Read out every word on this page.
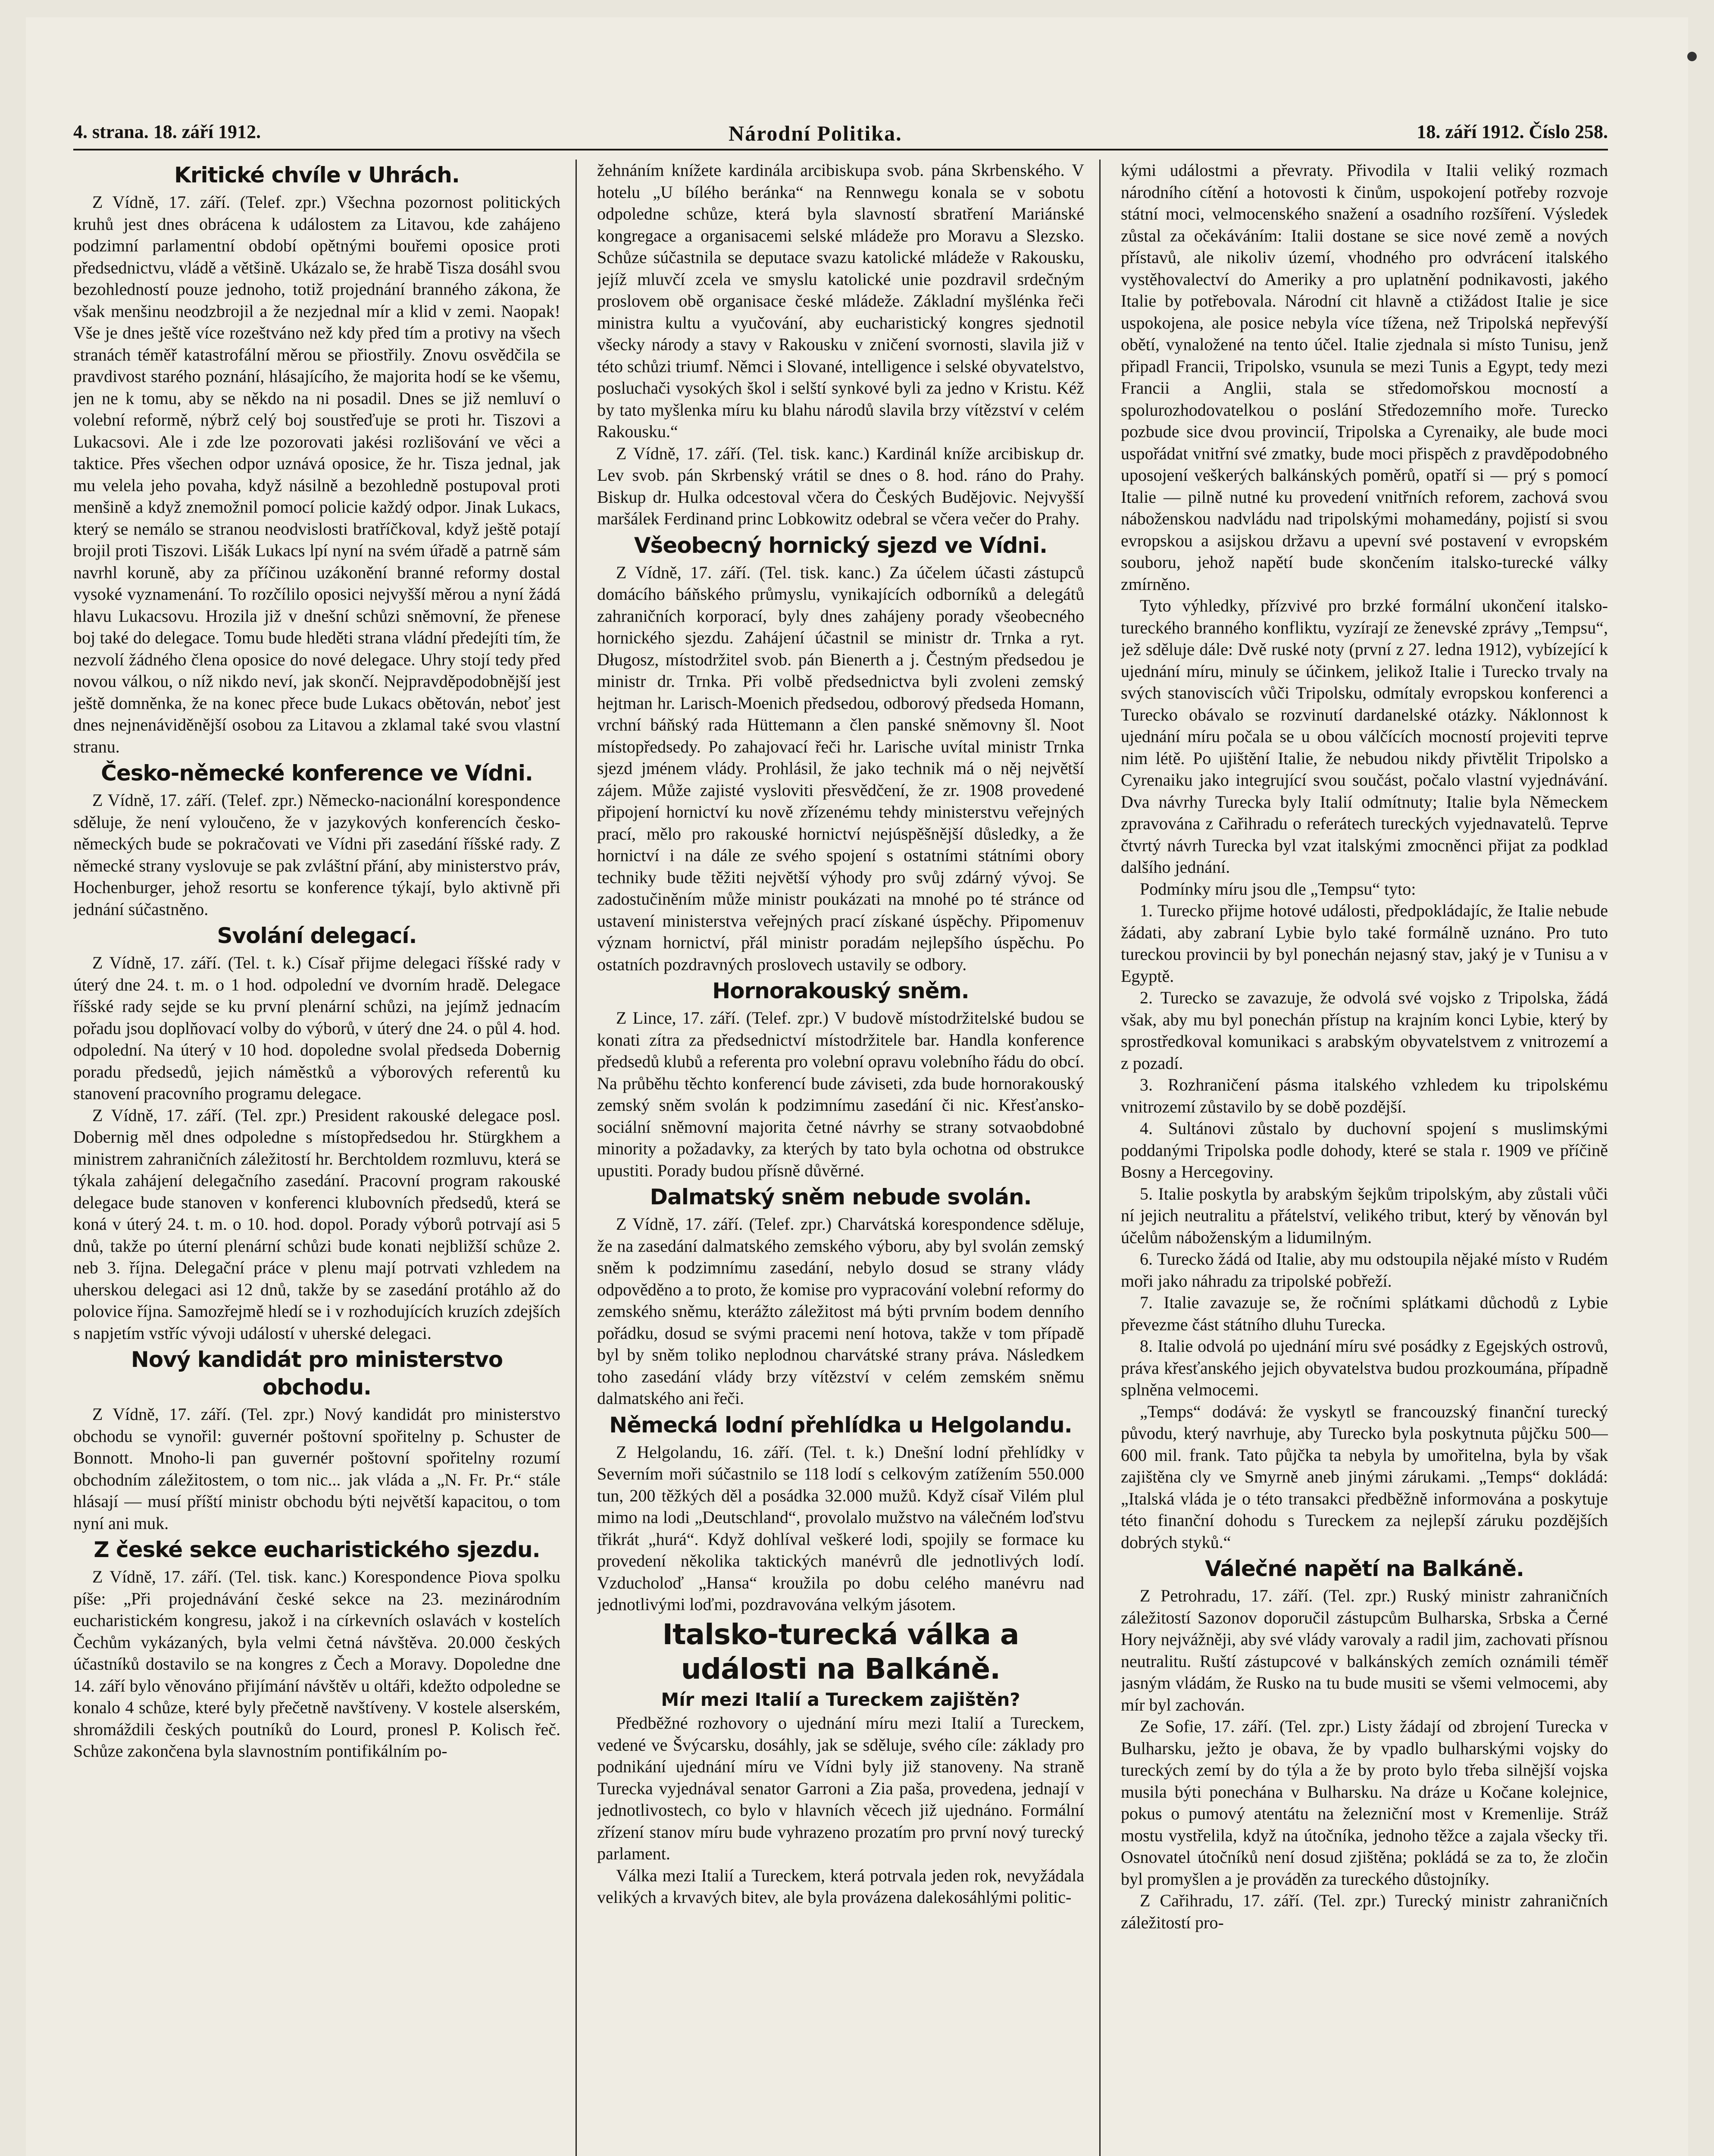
4. strana. 18. září 1912.	Národní Politika.	18. září 1912. Číslo 258.
Kritické chvíle v Uhrách.

Z Vídně, 17. září. (Telef. zpr.) Všechna pozornost politických kruhů jest dnes obrácena k událostem za Litavou, kde zahájeno podzimní parlamentní období opětnými bouřemi oposice proti předsednictvu, vládě a většině. Ukázalo se, že hrabě Tisza dosáhl svou bezohledností pouze jednoho, totiž projednání branného zákona, že však menšinu neodzbrojil a že nezjednal mír a klid v zemi. Naopak! Vše je dnes ještě více rozeštváno než kdy před tím a protivy na všech stranách téměř katastrofální měrou se přiostřily. Znovu osvědčila se pravdivost starého poznání, hlásajícího, že majorita hodí se ke všemu, jen ne k tomu, aby se někdo na ni posadil. Dnes se již nemluví o volební reformě, nýbrž celý boj soustřeďuje se proti hr. Tiszovi a Lukacsovi. Ale i zde lze pozorovati jakési rozlišování ve věci a taktice. Přes všechen odpor uznává oposice, že hr. Tisza jednal, jak mu velela jeho povaha, když násilně a bezohledně postupoval proti menšině a když znemožnil pomocí policie každý odpor. Jinak Lukacs, který se nemálo se stranou neodvislosti bratříčkoval, když ještě potají brojil proti Tiszovi. Lišák Lukacs lpí nyní na svém úřadě a patrně sám navrhl koruně, aby za příčinou uzákonění branné reformy dostal vysoké vyznamenání. To rozčílilo oposici nejvyšší měrou a nyní žádá hlavu Lukacsovu. Hrozila již v dnešní schůzi sněmovní, že přenese boj také do delegace. Tomu bude hleděti strana vládní předejíti tím, že nezvolí žádného člena oposice do nové delegace. Uhry stojí tedy před novou válkou, o níž nikdo neví, jak skončí. Nejpravděpodobnější jest ještě domněnka, že na konec přece bude Lukacs obětován, neboť jest dnes nejnenáviděnější osobou za Litavou a zklamal také svou vlastní stranu.

Česko-německé konference ve Vídni.

Z Vídně, 17. září. (Telef. zpr.) Německo-nacionální korespondence sděluje, že není vyloučeno, že v jazykových konferencích česko-německých bude se pokračovati ve Vídni při zasedání říšské rady. Z německé strany vyslovuje se pak zvláštní přání, aby ministerstvo práv, Hochenburger, jehož resortu se konference týkají, bylo aktivně při jednání súčastněno.

Svolání delegací.

Z Vídně, 17. září. (Tel. t. k.) Císař přijme delegaci říšské rady v úterý dne 24. t. m. o 1 hod. odpolední ve dvorním hradě. Delegace říšské rady sejde se ku první plenární schůzi, na jejímž jednacím pořadu jsou doplňovací volby do výborů, v úterý dne 24. o půl 4. hod. odpolední. Na úterý v 10 hod. dopoledne svolal předseda Dobernig poradu předsedů, jejich náměstků a výborových referentů ku stanovení pracovního programu delegace.

Z Vídně, 17. září. (Tel. zpr.) President rakouské delegace posl. Dobernig měl dnes odpoledne s místopředsedou hr. Stürgkhem a ministrem zahraničních záležitostí hr. Berchtoldem rozmluvu, která se týkala zahájení delegačního zasedání. Pracovní program rakouské delegace bude stanoven v konferenci klubovních předsedů, která se koná v úterý 24. t. m. o 10. hod. dopol. Porady výborů potrvají asi 5 dnů, takže po úterní plenární schůzi bude konati nejbližší schůze 2. neb 3. října. Delegační práce v plenu mají potrvati vzhledem na uherskou delegaci asi 12 dnů, takže by se zasedání protáhlo až do polovice října. Samozřejmě hledí se i v rozhodujících kruzích zdejších s napjetím vstříc vývoji událostí v uherské delegaci.

Nový kandidát pro ministerstvo obchodu.

Z Vídně, 17. září. (Tel. zpr.) Nový kandidát pro ministerstvo obchodu se vynořil: guvernér poštovní spořitelny p. Schuster de Bonnott. Mnoho-li pan guvernér poštovní spořitelny rozumí obchodním záležitostem, o tom nic... jak vláda a „N. Fr. Pr.“ stále hlásají — musí příští ministr obchodu býti největší kapacitou, o tom nyní ani muk.

Z české sekce eucharistického sjezdu.

Z Vídně, 17. září. (Tel. tisk. kanc.) Korespondence Piova spolku píše: „Při projednávání české sekce na 23. mezinárodním eucharistickém kongresu, jakož i na církevních oslavách v kostelích Čechům vykázaných, byla velmi četná návštěva. 20.000 českých účastníků dostavilo se na kongres z Čech a Moravy. Dopoledne dne 14. září bylo věnováno přijímání návštěv u oltáři, kdežto odpoledne se konalo 4 schůze, které byly přečetně navštíveny. V kostele alserském, shromáždili českých poutníků do Lourd, pronesl P. Kolisch řeč. Schůze zakončena byla slavnostním pontifikálním po-

žehnáním knížete kardinála arcibiskupa svob. pána Skrbenského. V hotelu „U bílého beránka“ na Rennwegu konala se v sobotu odpoledne schůze, která byla slavností sbratření Mariánské kongregace a organisacemi selské mládeže pro Moravu a Slezsko. Schůze súčastnila se deputace svazu katolické mládeže v Rakousku, jejíž mluvčí zcela ve smyslu katolické unie pozdravil srdečným proslovem obě organisace české mládeže. Základní myšlénka řeči ministra kultu a vyučování, aby eucharistický kongres sjednotil všecky národy a stavy v Rakousku v zničení svornosti, slavila již v této schůzi triumf. Němci i Slované, intelligence i selské obyvatelstvo, posluchači vysokých škol i selští synkové byli za jedno v Kristu. Kéž by tato myšlenka míru ku blahu národů slavila brzy vítězství v celém Rakousku.“

Z Vídně, 17. září. (Tel. tisk. kanc.) Kardinál kníže arcibiskup dr. Lev svob. pán Skrbenský vrátil se dnes o 8. hod. ráno do Prahy. Biskup dr. Hulka odcestoval včera do Českých Budějovic. Nejvyšší maršálek Ferdinand princ Lobkowitz odebral se včera večer do Prahy.

Všeobecný hornický sjezd ve Vídni.

Z Vídně, 17. září. (Tel. tisk. kanc.) Za účelem účasti zástupců domácího báňského průmyslu, vynikajících odborníků a delegátů zahraničních korporací, byly dnes zahájeny porady všeobecného hornického sjezdu. Zahájení účastnil se ministr dr. Trnka a ryt. Długosz, místodržitel svob. pán Bienerth a j. Čestným předsedou je ministr dr. Trnka. Při volbě předsednictva byli zvoleni zemský hejtman hr. Larisch-Moenich předsedou, odborový předseda Homann, vrchní báňský rada Hüttemann a člen panské sněmovny šl. Noot místopředsedy. Po zahajovací řeči hr. Larische uvítal ministr Trnka sjezd jménem vlády. Prohlásil, že jako technik má o něj největší zájem. Může zajisté vysloviti přesvědčení, že zr. 1908 provedené připojení hornictví ku nově zřízenému tehdy ministerstvu veřejných prací, mělo pro rakouské hornictví nejúspěšnější důsledky, a že hornictví i na dále ze svého spojení s ostatními státními obory techniky bude těžiti největší výhody pro svůj zdárný vývoj. Se zadostučiněním může ministr poukázati na mnohé po té stránce od ustavení ministerstva veřejných prací získané úspěchy. Připomenuv význam hornictví, přál ministr poradám nejlepšího úspěchu. Po ostatních pozdravných proslovech ustavily se odbory.

Hornorakouský sněm.

Z Lince, 17. září. (Telef. zpr.) V budově místodržitelské budou se konati zítra za předsednictví místodržitele bar. Handla konference předsedů klubů a referenta pro volební opravu volebního řádu do obcí. Na průběhu těchto konferencí bude záviseti, zda bude hornorakouský zemský sněm svolán k podzimnímu zasedání či nic. Křesťansko-sociální sněmovní majorita četné návrhy se strany sotvaobdobné minority a požadavky, za kterých by tato byla ochotna od obstrukce upustiti. Porady budou přísně důvěrné.

Dalmatský sněm nebude svolán.

Z Vídně, 17. září. (Telef. zpr.) Charvátská korespondence sděluje, že na zasedání dalmatského zemského výboru, aby byl svolán zemský sněm k podzimnímu zasedání, nebylo dosud se strany vlády odpověděno a to proto, že komise pro vypracování volební reformy do zemského sněmu, kterážto záležitost má býti prvním bodem denního pořádku, dosud se svými pracemi není hotova, takže v tom případě byl by sněm toliko neplodnou charvátské strany práva. Následkem toho zasedání vlády brzy vítězství v celém zemském sněmu dalmatského ani řeči.

Německá lodní přehlídka u Helgolandu.

Z Helgolandu, 16. září. (Tel. t. k.) Dnešní lodní přehlídky v Severním moři súčastnilo se 118 lodí s celkovým zatížením 550.000 tun, 200 těžkých děl a posádka 32.000 mužů. Když císař Vilém plul mimo na lodi „Deutschland“, provolalo mužstvo na válečném loďstvu třikrát „hurá“. Když dohlíval veškeré lodi, spojily se formace ku provedení několika taktických manévrů dle jednotlivých lodí. Vzducholoď „Hansa“ kroužila po dobu celého manévru nad jednotlivými loďmi, pozdravována velkým jásotem.

Italsko-turecká válka a události na Balkáně.
Mír mezi Italií a Tureckem zajištěn?

Předběžné rozhovory o ujednání míru mezi Italií a Tureckem, vedené ve Švýcarsku, dosáhly, jak se sděluje, svého cíle: základy pro podnikání ujednání míru ve Vídni byly již stanoveny. Na straně Turecka vyjednával senator Garroni a Zia paša, provedena, jednají v jednotlivostech, co bylo v hlavních věcech již ujednáno. Formální zřízení stanov míru bude vyhrazeno prozatím pro první nový turecký parlament.

Válka mezi Italií a Tureckem, která potrvala jeden rok, nevyžádala velikých a krvavých bitev, ale byla provázena dalekosáhlými politic-

kými událostmi a převraty. Přivodila v Italii veliký rozmach národního cítění a hotovosti k činům, uspokojení potřeby rozvoje státní moci, velmocenského snažení a osadního rozšíření. Výsledek zůstal za očekáváním: Italii dostane se sice nové země a nových přístavů, ale nikoliv území, vhodného pro odvrácení italského vystěhovalectví do Ameriky a pro uplatnění podnikavosti, jakého Italie by potřebovala. Národní cit hlavně a ctižádost Italie je sice uspokojena, ale posice nebyla více tížena, než Tripolská nepřevýší obětí, vynaložené na tento účel. Italie zjednala si místo Tunisu, jenž připadl Francii, Tripolsko, vsunula se mezi Tunis a Egypt, tedy mezi Francii a Anglii, stala se středomořskou mocností a spolurozhodovatelkou o poslání Středozemního moře. Turecko pozbude sice dvou provincií, Tripolska a Cyrenaiky, ale bude moci uspořádat vnitřní své zmatky, bude moci přispěch z pravděpodobného uposojení veškerých balkánských poměrů, opatří si — prý s pomocí Italie — pilně nutné ku provedení vnitřních reforem, zachová svou náboženskou nadvládu nad tripolskými mohamedány, pojistí si svou evropskou a asijskou državu a upevní své postavení v evropském souboru, jehož napětí bude skončením italsko-turecké války zmírněno.

Tyto výhledky, přízvivé pro brzké formální ukončení italsko-tureckého branného konfliktu, vyzírají ze ženevské zprávy „Tempsu“, jež sděluje dále: Dvě ruské noty (první z 27. ledna 1912), vybízející k ujednání míru, minuly se účinkem, jelikož Italie i Turecko trvaly na svých stanoviscích vůči Tripolsku, odmítaly evropskou konferenci a Turecko obávalo se rozvinutí dardanelské otázky. Náklonnost k ujednání míru počala se u obou válčících mocností projeviti teprve nim létě. Po ujištění Italie, že nebudou nikdy přivtělit Tripolsko a Cyrenaiku jako integrující svou součást, počalo vlastní vyjednávání. Dva návrhy Turecka byly Italií odmítnuty; Italie byla Německem zpravována z Cařihradu o referátech tureckých vyjednavatelů. Teprve čtvrtý návrh Turecka byl vzat italskými zmocněnci přijat za podklad dalšího jednání.

Podmínky míru jsou dle „Tempsu“ tyto:

1. Turecko přijme hotové události, předpokládajíc, že Italie nebude žádati, aby zabraní Lybie bylo také formálně uznáno. Pro tuto tureckou provincii by byl ponechán nejasný stav, jaký je v Tunisu a v Egyptě.

2. Turecko se zavazuje, že odvolá své vojsko z Tripolska, žádá však, aby mu byl ponechán přístup na krajním konci Lybie, který by sprostředkoval komunikaci s arabským obyvatelstvem z vnitrozemí a z pozadí.

3. Rozhraničení pásma italského vzhledem ku tripolskému vnitrozemí zůstavilo by se době pozdější.

4. Sultánovi zůstalo by duchovní spojení s muslimskými poddanými Tripolska podle dohody, které se stala r. 1909 ve příčině Bosny a Hercegoviny.

5. Italie poskytla by arabským šejkům tripolským, aby zůstali vůči ní jejich neutralitu a přátelství, velikého tribut, který by věnován byl účelům náboženským a lidumilným.

6. Turecko žádá od Italie, aby mu odstoupila nějaké místo v Rudém moři jako náhradu za tripolské pobřeží.

7. Italie zavazuje se, že ročními splátkami důchodů z Lybie převezme část státního dluhu Turecka.

8. Italie odvolá po ujednání míru své posádky z Egejských ostrovů, práva křesťanského jejich obyvatelstva budou prozkoumána, případně splněna velmocemi.

„Temps“ dodává: že vyskytl se francouzský finanční turecký původu, který navrhuje, aby Turecko byla poskytnuta půjčku 500—600 mil. frank. Tato půjčka ta nebyla by umořitelna, byla by však zajištěna cly ve Smyrně aneb jinými zárukami. „Temps“ dokládá: „Italská vláda je o této transakci předběžně informována a poskytuje této finanční dohodu s Tureckem za nejlepší záruku pozdějších dobrých styků.“

Válečné napětí na Balkáně.

Z Petrohradu, 17. září. (Tel. zpr.) Ruský ministr zahraničních záležitostí Sazonov doporučil zástupcům Bulharska, Srbska a Černé Hory nejvážněji, aby své vlády varovaly a radil jim, zachovati přísnou neutralitu. Ruští zástupcové v balkánských zemích oznámili téměř jasným vládám, že Rusko na tu bude musiti se všemi velmocemi, aby mír byl zachován.

Ze Sofie, 17. září. (Tel. zpr.) Listy žádají od zbrojení Turecka v Bulharsku, ježto je obava, že by vpadlo bulharskými vojsky do tureckých zemí by do týla a že by proto bylo třeba silnější vojska musila býti ponechána v Bulharsku. Na dráze u Kočane kolejnice, pokus o pumový atentátu na železniční most v Kremenlije. Stráž mostu vystřelila, když na útočníka, jednoho těžce a zajala všecky tři. Osnovatel útočníků není dosud zjištěna; pokládá se za to, že zločin byl promyšlen a je prováděn za tureckého důstojníky.

Z Cařihradu, 17. září. (Tel. zpr.) Turecký ministr zahraničních záležitostí pro-
